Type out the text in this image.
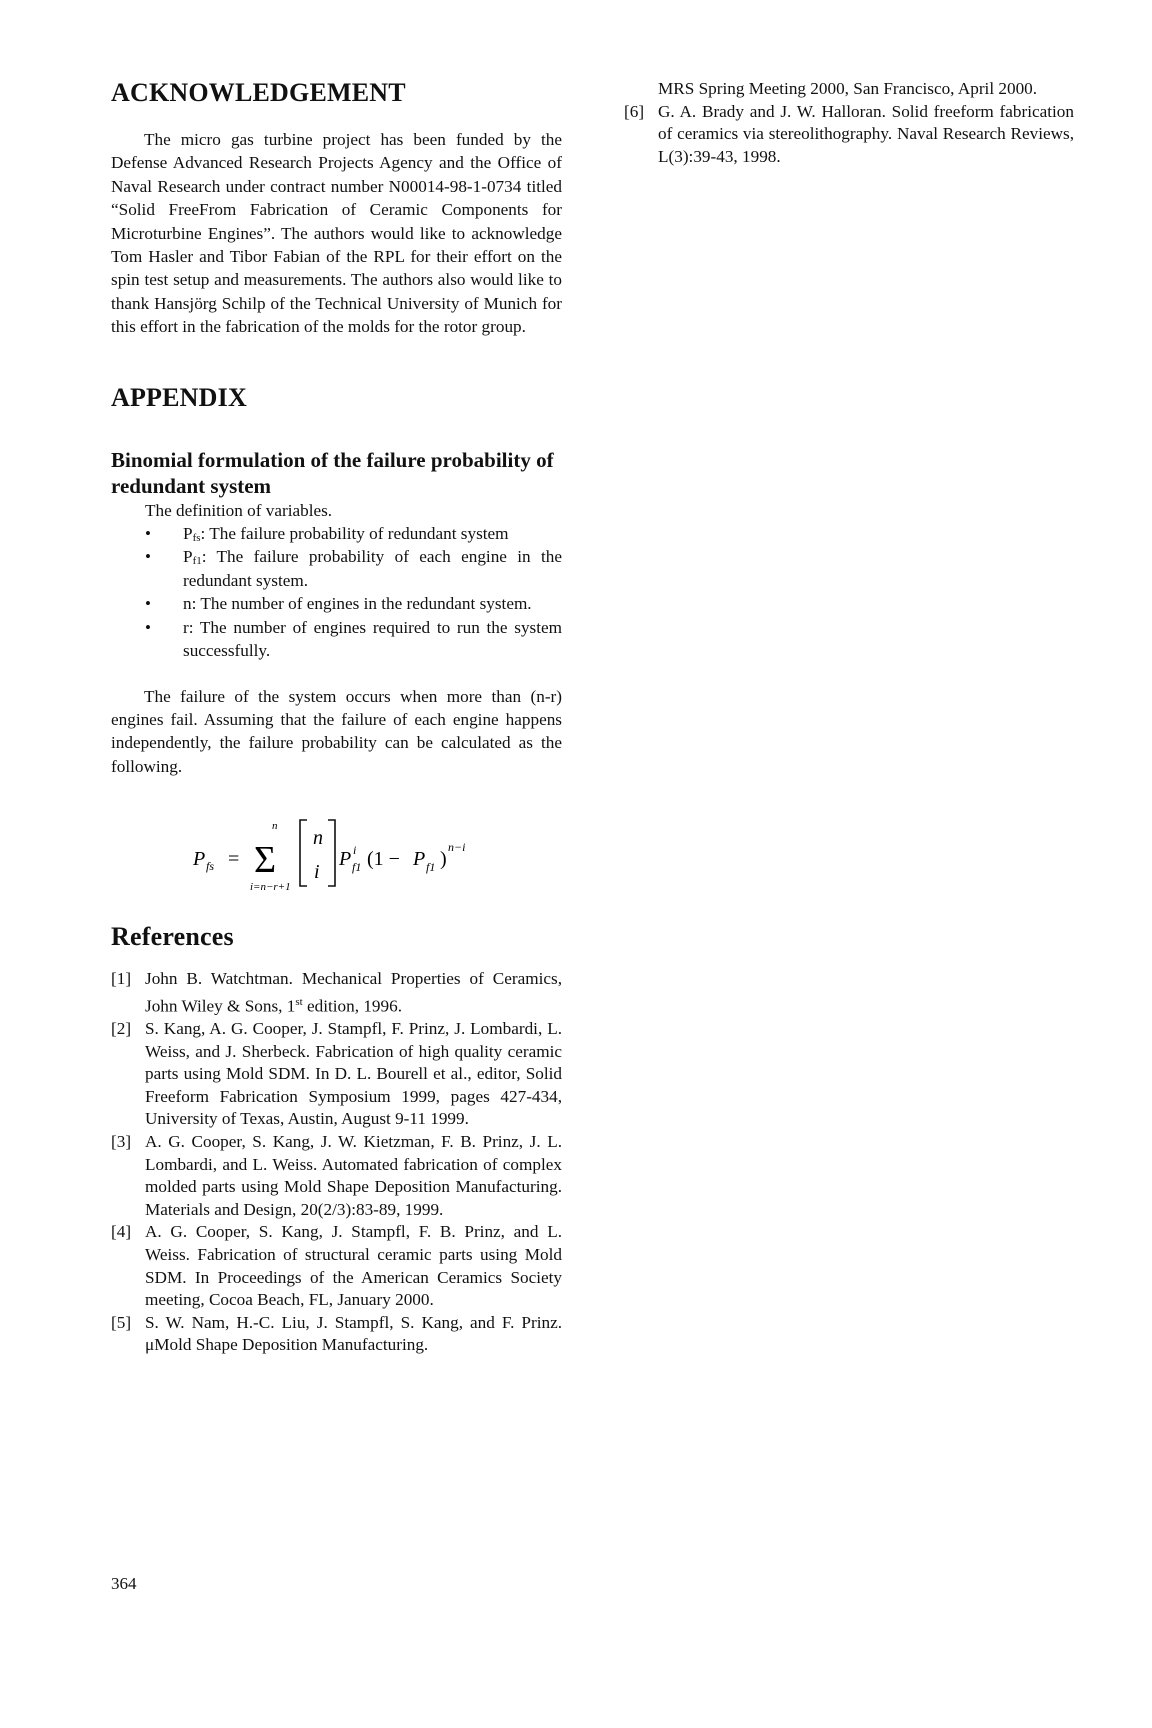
ACKNOWLEDGEMENT

The micro gas turbine project has been funded by the Defense Advanced Research Projects Agency and the Office of Naval Research under contract number N00014-98-1-0734 titled “Solid FreeFrom Fabrication of Ceramic Components for Microturbine Engines”. The authors would like to acknowledge Tom Hasler and Tibor Fabian of the RPL for their effort on the spin test setup and measurements. The authors also would like to thank Hansjörg Schilp of the Technical University of Munich for this effort in the fabrication of the molds for the rotor group.

APPENDIX
Binomial formulation of the failure probability of redundant system

The definition of variables.

• $P_{fs}$: The failure probability of redundant system
• $P_{f1}$: The failure probability of each engine in the redundant system.
• n: The number of engines in the redundant system.
• r: The number of engines required to run the system successfully.

The failure of the system occurs when more than (n-r) engines fail. Assuming that the failure of each engine happens independently, the failure probability can be calculated as the following.

P fs =
n
Σ
i=n−r+1
n
i
P i
f1 (1 − P f1 )
n−i
References
[1] John B. Watchtman. Mechanical Properties of Ceramics, John Wiley & Sons, 1st edition, 1996.
[2] S. Kang, A. G. Cooper, J. Stampfl, F. Prinz, J. Lombardi, L. Weiss, and J. Sherbeck. Fabrication of high quality ceramic parts using Mold SDM. In D. L. Bourell et al., editor, Solid Freeform Fabrication Symposium 1999, pages 427-434, University of Texas, Austin, August 9-11 1999.
[3] A. G. Cooper, S. Kang, J. W. Kietzman, F. B. Prinz, J. L. Lombardi, and L. Weiss. Automated fabrication of complex molded parts using Mold Shape Deposition Manufacturing. Materials and Design, 20(2/3):83-89, 1999.
[4] A. G. Cooper, S. Kang, J. Stampfl, F. B. Prinz, and L. Weiss. Fabrication of structural ceramic parts using Mold SDM. In Proceedings of the American Ceramics Society meeting, Cocoa Beach, FL, January 2000.
[5] S. W. Nam, H.-C. Liu, J. Stampfl, S. Kang, and F. Prinz. μMold Shape Deposition Manufacturing.
MRS Spring Meeting 2000, San Francisco, April 2000.
[6] G. A. Brady and J. W. Halloran. Solid freeform fabrication of ceramics via stereolithography. Naval Research Reviews, L(3):39-43, 1998.
364
